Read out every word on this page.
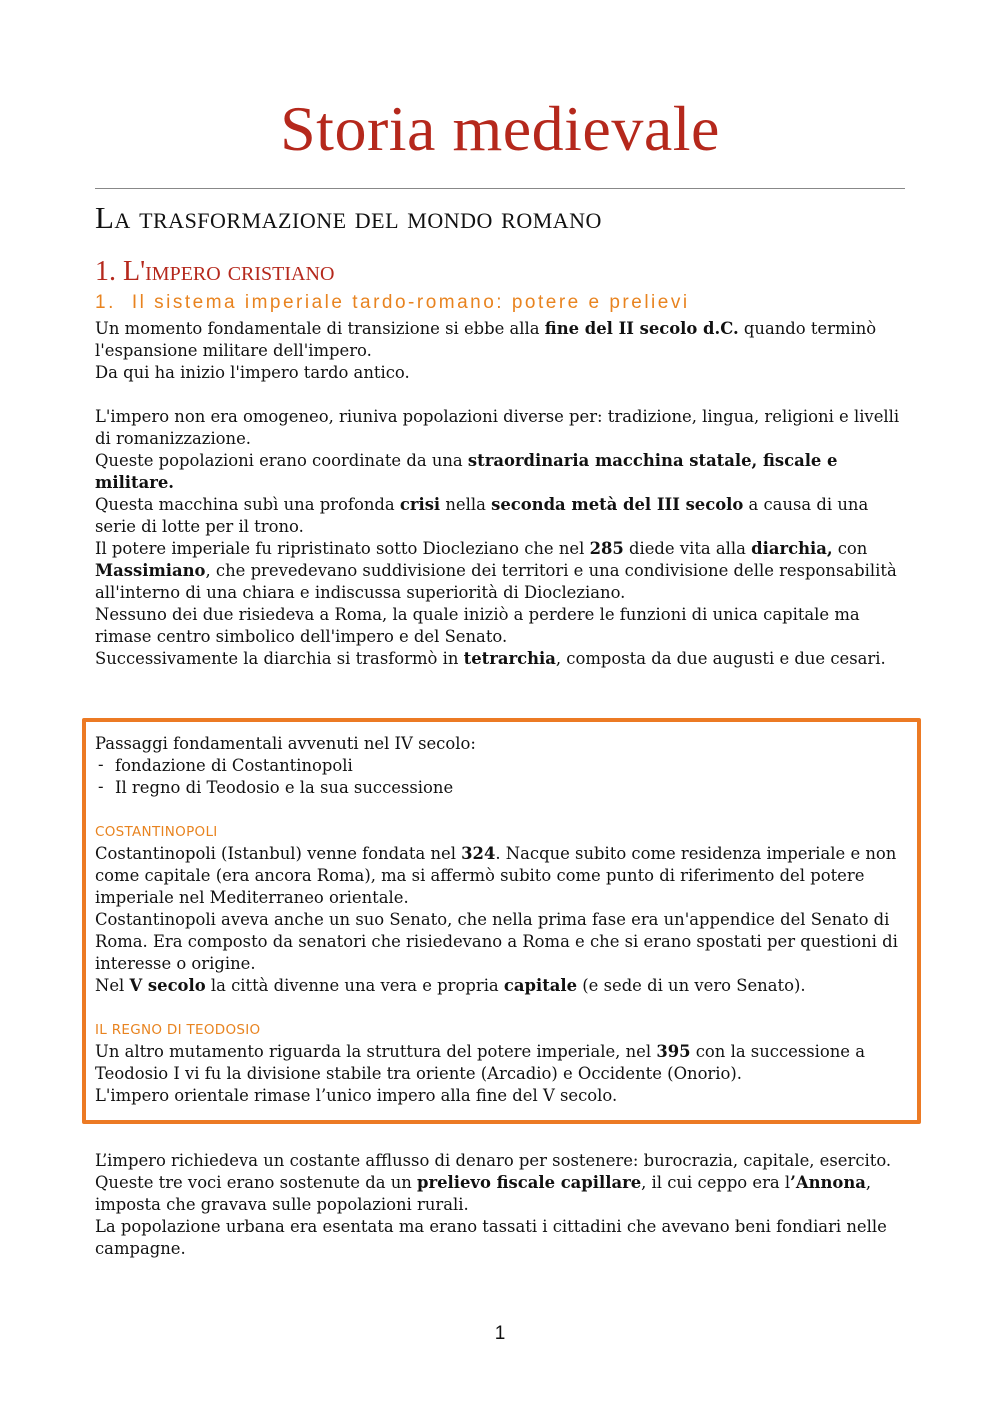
Storia medievale
La trasformazione del mondo romano
1. L'impero cristiano
1. Il sistema imperiale tardo-romano: potere e prelievi

Un momento fondamentale di transizione si ebbe alla fine del II secolo d.C. quando terminò l'espansione militare dell'impero.

Da qui ha inizio l'impero tardo antico.

L'impero non era omogeneo, riuniva popolazioni diverse per: tradizione, lingua, religioni e livelli di romanizzazione.

Queste popolazioni erano coordinate da una straordinaria macchina statale, fiscale e militare.

Questa macchina subì una profonda crisi nella seconda metà del III secolo a causa di una serie di lotte per il trono.

Il potere imperiale fu ripristinato sotto Diocleziano che nel 285 diede vita alla diarchia, con Massimiano, che prevedevano suddivisione dei territori e una condivisione delle responsabilità all'interno di una chiara e indiscussa superiorità di Diocleziano.

Nessuno dei due risiedeva a Roma, la quale iniziò a perdere le funzioni di unica capitale ma rimase centro simbolico dell'impero e del Senato.

Successivamente la diarchia si trasformò in tetrarchia, composta da due augusti e due cesari.

Passaggi fondamentali avvenuti nel IV secolo:

- fondazione di Costantinopoli
- Il regno di Teodosio e la sua successione

COSTANTINOPOLI

Costantinopoli (Istanbul) venne fondata nel 324. Nacque subito come residenza imperiale e non come capitale (era ancora Roma), ma si affermò subito come punto di riferimento del potere imperiale nel Mediterraneo orientale.

Costantinopoli aveva anche un suo Senato, che nella prima fase era un'appendice del Senato di Roma. Era composto da senatori che risiedevano a Roma e che si erano spostati per questioni di interesse o origine.

Nel V secolo la città divenne una vera e propria capitale (e sede di un vero Senato).

IL REGNO DI TEODOSIO

Un altro mutamento riguarda la struttura del potere imperiale, nel 395 con la successione a Teodosio I vi fu la divisione stabile tra oriente (Arcadio) e Occidente (Onorio).

L'impero orientale rimase l’unico impero alla fine del V secolo.

L’impero richiedeva un costante afflusso di denaro per sostenere: burocrazia, capitale, esercito.

Queste tre voci erano sostenute da un prelievo fiscale capillare, il cui ceppo era l’Annona, imposta che gravava sulle popolazioni rurali.

La popolazione urbana era esentata ma erano tassati i cittadini che avevano beni fondiari nelle campagne.

1
